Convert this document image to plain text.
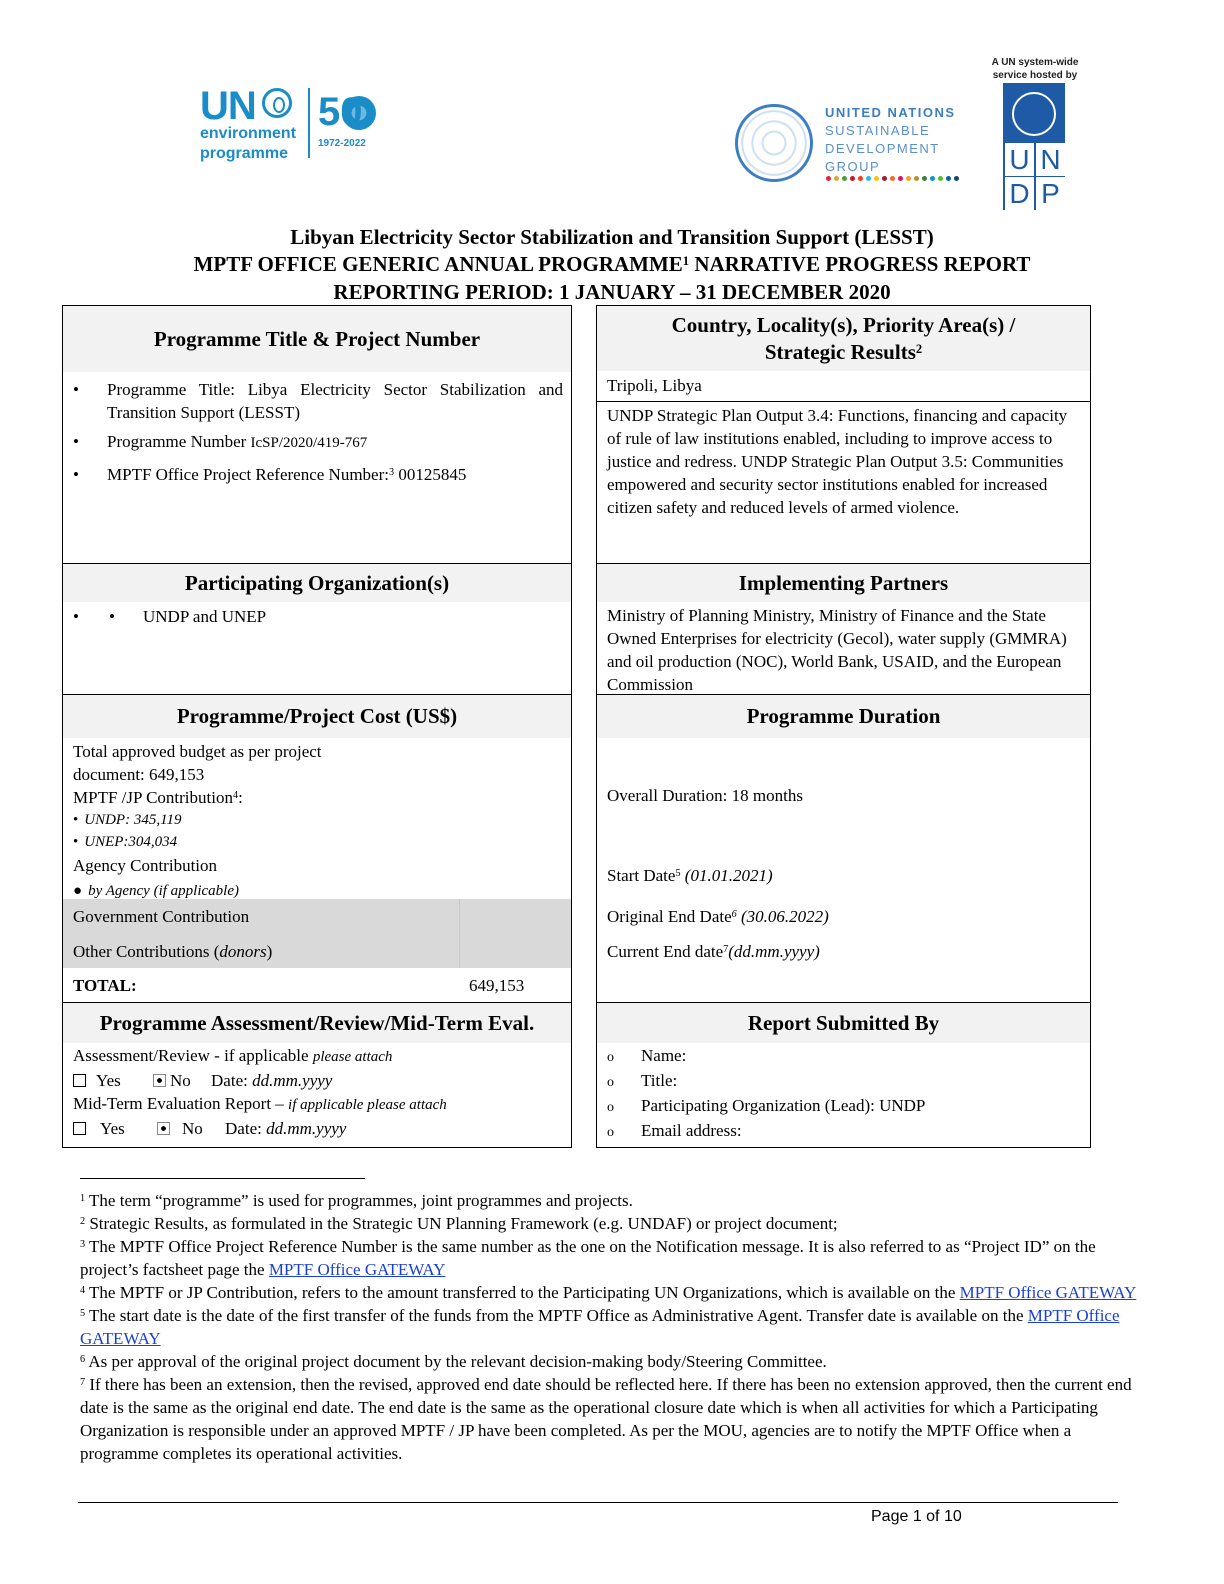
UN
environment
programme
50
1972-2022
UNITED NATIONS
SUSTAINABLE
DEVELOPMENT
GROUP
A UN system-wide
service hosted by
U N
D P
Libyan Electricity Sector Stabilization and Transition Support (LESST)
MPTF OFFICE GENERIC ANNUAL PROGRAMME$^1$ NARRATIVE PROGRESS REPORT
REPORTING PERIOD: 1 JANUARY – 31 DECEMBER 2020
Programme Title & Project Number
• Programme Title: Libya Electricity Sector Stabilization and Transition Support (LESST)
• Programme Number IcSP/2020/419-767
• MPTF Office Project Reference Number:$^3$ 00125845
Participating Organization(s)
• • UNDP and UNEP
Programme/Project Cost (US$)
Total approved budget as per project
document: 649,153
MPTF /JP Contribution$^4$:
• UNDP: 345,119
• UNEP:304,034
Agency Contribution
● by Agency (if applicable)
Government Contribution
Other Contributions (donors)
TOTAL:	649,153
Programme Assessment/Review/Mid-Term Eval.
Assessment/Review - if applicable please attach
Yes	No Date: dd.mm.yyyy
Mid-Term Evaluation Report – if applicable please attach
Yes	No Date: dd.mm.yyyy
Country, Locality(s), Priority Area(s) /
Strategic Results$^2$
Tripoli, Libya
UNDP Strategic Plan Output 3.4: Functions, financing and capacity of rule of law institutions enabled, including to improve access to justice and redress. UNDP Strategic Plan Output 3.5: Communities empowered and security sector institutions enabled for increased citizen safety and reduced levels of armed violence.
Implementing Partners
Ministry of Planning Ministry, Ministry of Finance and the State Owned Enterprises for electricity (Gecol), water supply (GMMRA) and oil production (NOC), World Bank, USAID, and the European Commission
Programme Duration
Overall Duration: 18 months
Start Date$^5$ (01.01.2021)
Original End Date$^6$ (30.06.2022)
Current End date$^7$(dd.mm.yyyy)
Report Submitted By
o Name:
o Title:
o Participating Organization (Lead): UNDP
o Email address:
$^1$ The term “programme” is used for programmes, joint programmes and projects.
$^2$ Strategic Results, as formulated in the Strategic UN Planning Framework (e.g. UNDAF) or project document;
$^3$ The MPTF Office Project Reference Number is the same number as the one on the Notification message. It is also referred to as “Project ID” on the project’s factsheet page the MPTF Office GATEWAY
$^4$ The MPTF or JP Contribution, refers to the amount transferred to the Participating UN Organizations, which is available on the MPTF Office GATEWAY
$^5$ The start date is the date of the first transfer of the funds from the MPTF Office as Administrative Agent. Transfer date is available on the MPTF Office GATEWAY
$^6$ As per approval of the original project document by the relevant decision-making body/Steering Committee.
$^7$ If there has been an extension, then the revised, approved end date should be reflected here. If there has been no extension approved, then the current end date is the same as the original end date. The end date is the same as the operational closure date which is when all activities for which a Participating Organization is responsible under an approved MPTF / JP have been completed. As per the MOU, agencies are to notify the MPTF Office when a programme completes its operational activities.
Page 1 of 10
